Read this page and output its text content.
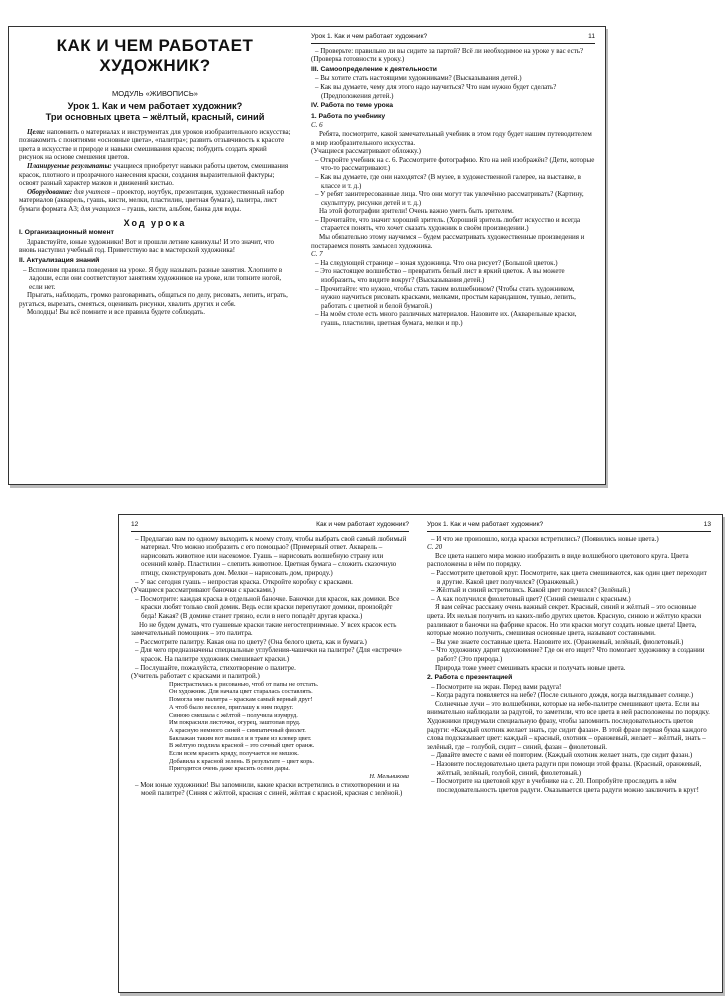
КАК И ЧЕМ РАБОТАЕТ ХУДОЖНИК?
МОДУЛЬ «ЖИВОПИСЬ»
Урок 1. Как и чем работает художник?
Три основных цвета – жёлтый, красный, синий

Цели: напомнить о материалах и инструментах для уроков изобразительного искусства; познакомить с понятиями «основные цвета», «палитра»; развить отзывчивость к красоте цвета в искусстве и природе и навыки смешивания красок; побудить создать яркий рисунок на основе смешения цветов.

Планируемые результаты: учащиеся приобретут навыки работы цветом, смешивания красок, плотного и прозрачного нанесения краски, создания выразительной фактуры; освоят разный характер мазков и движений кистью.

Оборудование: для учителя – проектор, ноутбук, презентация, художественный набор материалов (акварель, гуашь, кисти, мелки, пластилин, цветная бумага), палитра, лист бумаги формата А3; для учащихся – гуашь, кисти, альбом, банка для воды.

Ход урока
I. Организационный момент

Здравствуйте, юные художники! Вот и прошли летние каникулы! И это значит, что вновь наступил учебный год. Приветствую вас в мастерской художника!

II. Актуализация знаний

– Вспомним правила поведения на уроке. Я буду называть разные занятия. Хлопните в ладоши, если они соответствуют занятиям художников на уроке, или топните ногой, если нет.

Прыгать, наблюдать, громко разговаривать, общаться по делу, рисовать, лепить, играть, ругаться, вырезать, смеяться, оценивать рисунки, хвалить других и себя.

Молодцы! Вы всё помните и все правила будете соблюдать.

Урок 1. Как и чем работает художник?	11

– Проверьте: правильно ли вы сидите за партой? Всё ли необходимое на уроке у вас есть?

(Проверка готовности к уроку.)

III. Самоопределение к деятельности

– Вы хотите стать настоящими художниками? (Высказывания детей.)

– Как вы думаете, чему для этого надо научиться? Что нам нужно будет сделать? (Предположения детей.)

IV. Работа по теме урока
1. Работа по учебнику

С. 6

Ребята, посмотрите, какой замечательный учебник в этом году будет нашим путеводителем в мир изобразительного искусства.

(Учащиеся рассматривают обложку.)

– Откройте учебник на с. 6. Рассмотрите фотографию. Кто на ней изображён? (Дети, которые что-то рассматривают.)

– Как вы думаете, где они находятся? (В музее, в художественной галерее, на выставке, в классе и т. д.)

– У ребят заинтересованные лица. Что они могут так увлечённо рассматривать? (Картину, скульптуру, рисунки детей и т. д.)

На этой фотографии зрители! Очень важно уметь быть зрителем.

– Прочитайте, что значит хороший зритель. (Хороший зритель любит искусство и всегда старается понять, что хочет сказать художник в своём произведении.)

Мы обязательно этому научимся – будем рассматривать художественные произведения и постараемся понять замысел художника.

С. 7

– На следующей странице – юная художница. Что она рисует? (Большой цветок.)

– Это настоящее волшебство – превратить белый лист в яркий цветок. А вы можете изобразить, что видите вокруг? (Высказывания детей.)

– Прочитайте: что нужно, чтобы стать таким волшебником? (Чтобы стать художником, нужно научиться рисовать красками, мелками, простым карандашом, тушью, лепить, работать с цветной и белой бумагой.)

– На моём столе есть много различных материалов. Назовите их. (Акварельные краски, гуашь, пластилин, цветная бумага, мелки и пр.)

12	Как и чем работает художник?

– Предлагаю вам по одному выходить к моему столу, чтобы выбрать свой самый любимый материал. Что можно изобразить с его помощью? (Примерный ответ. Акварель – нарисовать животное или насекомое. Гуашь – нарисовать волшебную страну или осенний ковёр. Пластилин – слепить животное. Цветная бумага – сложить сказочную птицу, сконструировать дом. Мелки – нарисовать дом, природу.)

– У вас сегодня гуашь – непростая краска. Откройте коробку с красками.

(Учащиеся рассматривают баночки с красками.)

– Посмотрите: каждая краска в отдельной баночке. Баночки для красок, как домики. Все краски любят только свой домик. Ведь если краски перепутают домики, произойдёт беда! Какая? (В домике станет грязно, если в него попадёт другая краска.)

Но не будем думать, что гуашевые краски такие негостеприимные. У всех красок есть замечательный помощник – это палитра.

– Рассмотрите палитру. Какая она по цвету? (Она белого цвета, как и бумага.)

– Для чего предназначены специальные углубления-чашечки на палитре? (Для «встречи» красок. На палитре художник смешивает краски.)

– Послушайте, пожалуйста, стихотворение о палитре.

(Учитель работает с красками и палитрой.)

Пристрастилась к рисованью, чтоб от папы не отстать.

Он художник. Для начала цвет старалась составлять.

Помогла мне палитра – краскам самый верный друг!

А чтоб было веселее, приглашу к ним подруг.

Синюю смешала с жёлтой – получила изумруд.

Им покрасили листочки, огурец, заштопав пруд.

А красную немного синей – симпатичный фиолет.

Баклажан таким вот вышел и в траве из клевер цвет.

В жёлтую подлила красной – это сочный цвет оранж.

Если всем красить кряду, получается не мешок.

Добавила к красной зелень. В результате – цвет корь.

Пригодится очень даже красить осени дары.

Н. Мельникова

– Мои юные художники! Вы запомнили, какие краски встретились в стихотворении и на моей палитре? (Синяя с жёлтой, красная с синей, жёлтая с красной, красная с зелёной.)

Урок 1. Как и чем работает художник?	13

– И что же произошло, когда краски встретились? (Появились новые цвета.)

С. 20

Все цвета нашего мира можно изобразить в виде волшебного цветового круга. Цвета расположены в нём по порядку.

– Рассмотрите цветовой круг. Посмотрите, как цвета смешиваются, как один цвет переходит в другие. Какой цвет получился? (Оранжевый.)

– Жёлтый и синий встретились. Какой цвет получился? (Зелёный.)

– А как получился фиолетовый цвет? (Синий смешали с красным.)

Я вам сейчас расскажу очень важный секрет. Красный, синий и жёлтый – это основные цвета. Их нельзя получить из каких-либо других цветов. Красную, синюю и жёлтую краски разливают в баночки на фабрике красок. Но эти краски могут создать новые цвета! Цвета, которые можно получить, смешивая основные цвета, называют составными.

– Вы уже знаете составные цвета. Назовите их. (Оранжевый, зелёный, фиолетовый.)

– Что художнику дарит вдохновение? Где он его ищет? Что помогает художнику в создании работ? (Это природа.)

Природа тоже умеет смешивать краски и получать новые цвета.

2. Работа с презентацией

– Посмотрите на экран. Перед вами радуга!

– Когда радуга появляется на небе? (После сильного дождя, когда выглядывает солнце.)

Солнечные лучи – это волшебники, которые на небе-палитре смешивают цвета. Если вы внимательно наблюдали за радугой, то заметили, что все цвета в ней расположены по порядку. Художники придумали специальную фразу, чтобы запомнить последовательность цветов радуги: «Каждый охотник желает знать, где сидит фазан». В этой фразе первая буква каждого слова подсказывает цвет: каждый – красный, охотник – оранжевый, желает – жёлтый, знать – зелёный, где – голубой, сидит – синий, фазан – фиолетовый.

– Давайте вместе с вами её повторим. (Каждый охотник желает знать, где сидит фазан.)

– Назовите последовательно цвета радуги при помощи этой фразы. (Красный, оранжевый, жёлтый, зелёный, голубой, синий, фиолетовый.)

– Посмотрите на цветовой круг в учебнике на с. 20. Попробуйте проследить в нём последовательность цветов радуги. Оказывается цвета радуги можно заключить в круг!
